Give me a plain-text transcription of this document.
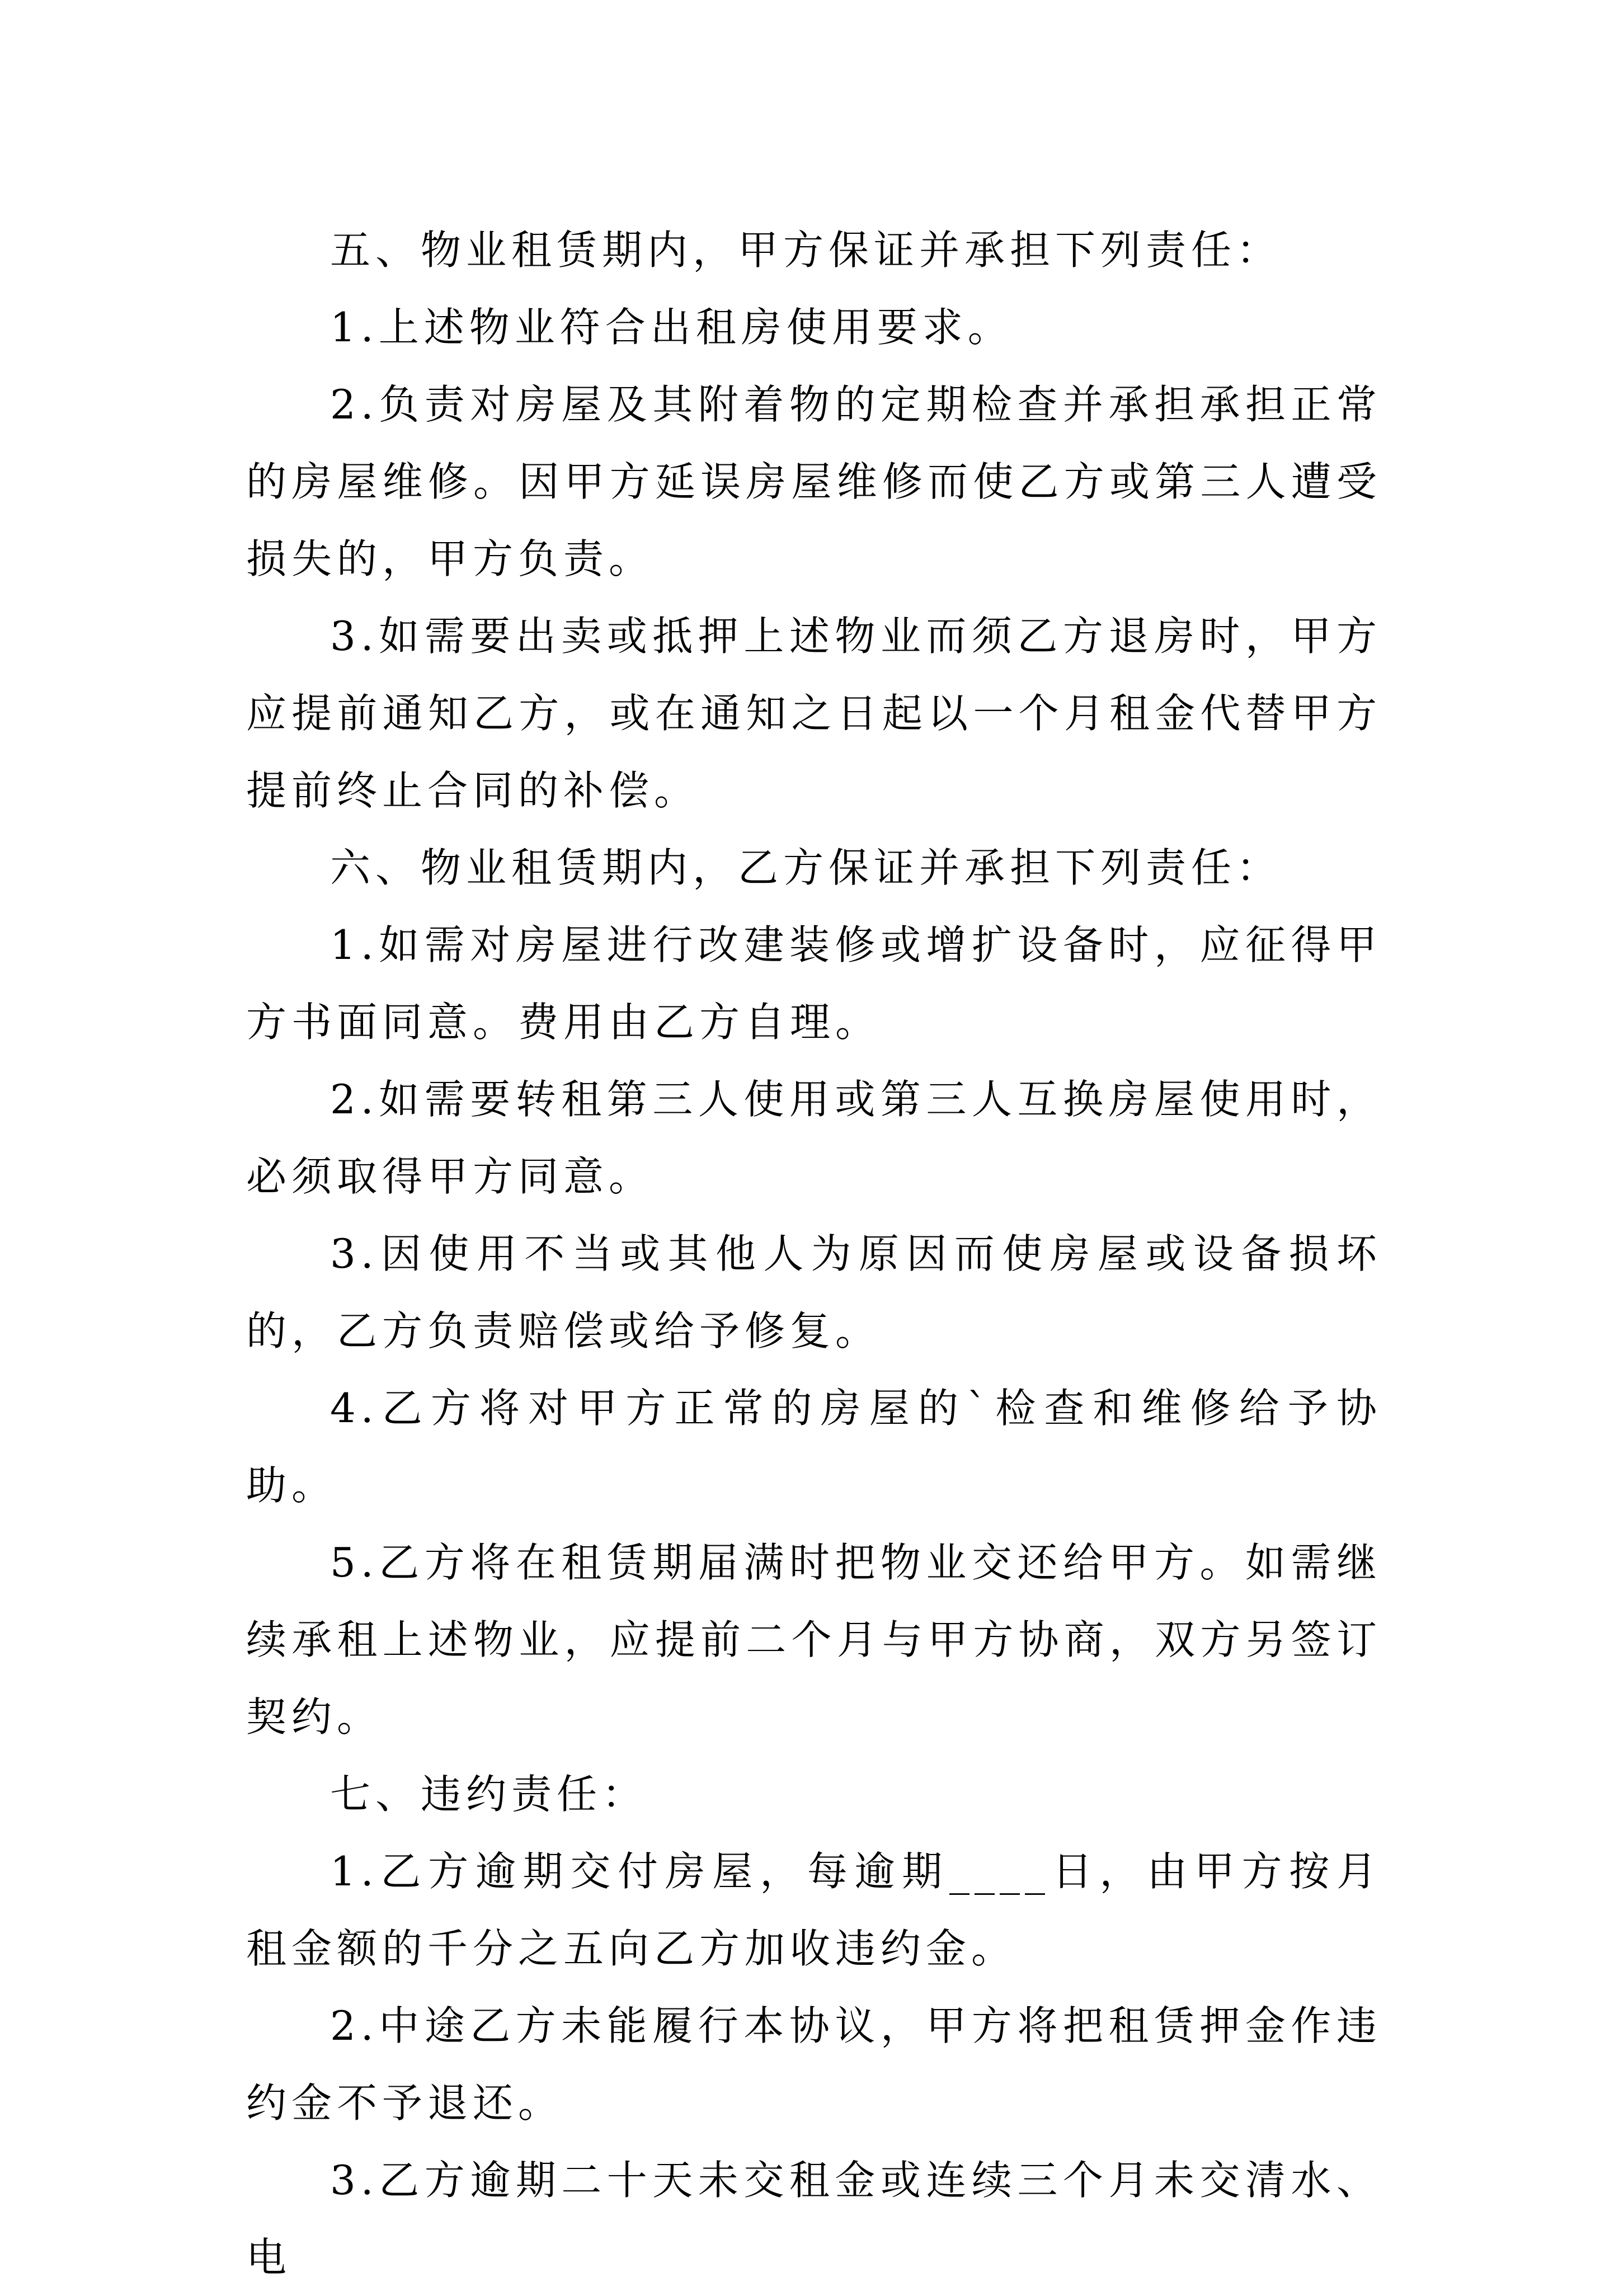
五、物业租赁期内，甲方保证并承担下列责任：

1.上述物业符合出租房使用要求。

2.负责对房屋及其附着物的定期检查并承担承担正常的房屋维修。因甲方延误房屋维修而使乙方或第三人遭受损失的，甲方负责。

3.如需要出卖或抵押上述物业而须乙方退房时，甲方应提前通知乙方，或在通知之日起以一个月租金代替甲方提前终止合同的补偿。

六、物业租赁期内，乙方保证并承担下列责任：

1.如需对房屋进行改建装修或增扩设备时，应征得甲方书面同意。费用由乙方自理。

2.如需要转租第三人使用或第三人互换房屋使用时，必须取得甲方同意。

3.因使用不当或其他人为原因而使房屋或设备损坏的，乙方负责赔偿或给予修复。

4.乙方将对甲方正常的房屋的`检查和维修给予协助。

5.乙方将在租赁期届满时把物业交还给甲方。如需继续承租上述物业，应提前二个月与甲方协商，双方另签订契约。

七、违约责任：

1.乙方逾期交付房屋，每逾期____日，由甲方按月租金额的千分之五向乙方加收违约金。

2.中途乙方未能履行本协议，甲方将把租赁押金作违约金不予退还。

3.乙方逾期二十天未交租金或连续三个月未交清水、电
